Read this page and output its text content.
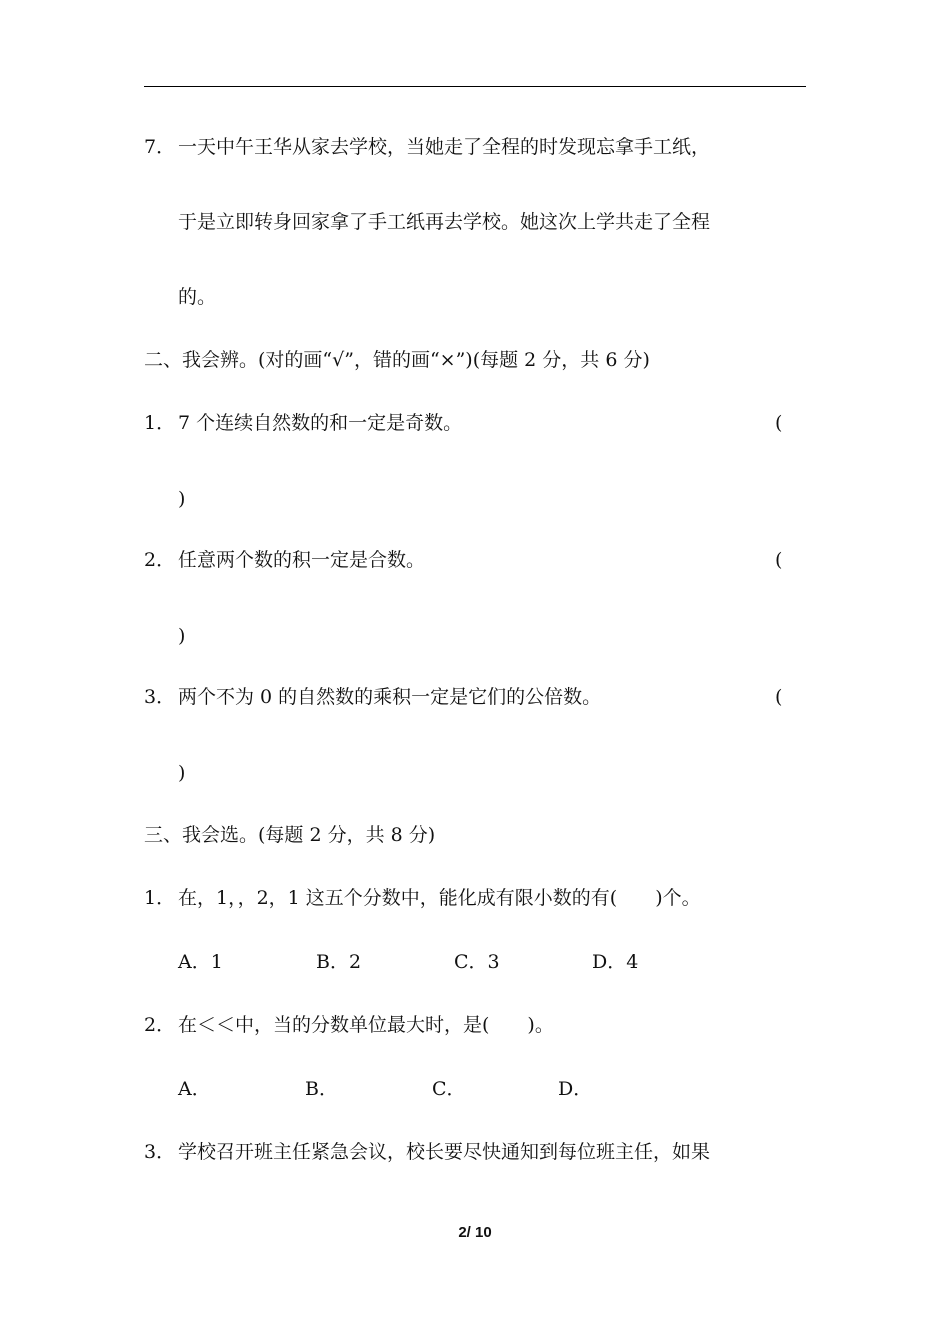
7． 一天中午王华从家去学校，当她走了全程的时发现忘拿手工纸，
于是立即转身回家拿了手工纸再去学校。她这次上学共走了全程
的。
二、我会辨。(对的画“√”，错的画“×”)(每题 2 分，共 6 分)
1． 7 个连续自然数的和一定是奇数。	(
)
2． 任意两个数的积一定是合数。	(
)
3． 两个不为 0 的自然数的乘积一定是它们的公倍数。	(
)
三、我会选。(每题 2 分，共 8 分)
1． 在，1，，2，1 这五个分数中，能化成有限小数的有(　　)个。
A．1	B．2	C．3	D．4
2． 在＜＜中，当的分数单位最大时，是(　　)。
A．	B．	C．	D．
3． 学校召开班主任紧急会议，校长要尽快通知到每位班主任，如果
2/ 10
